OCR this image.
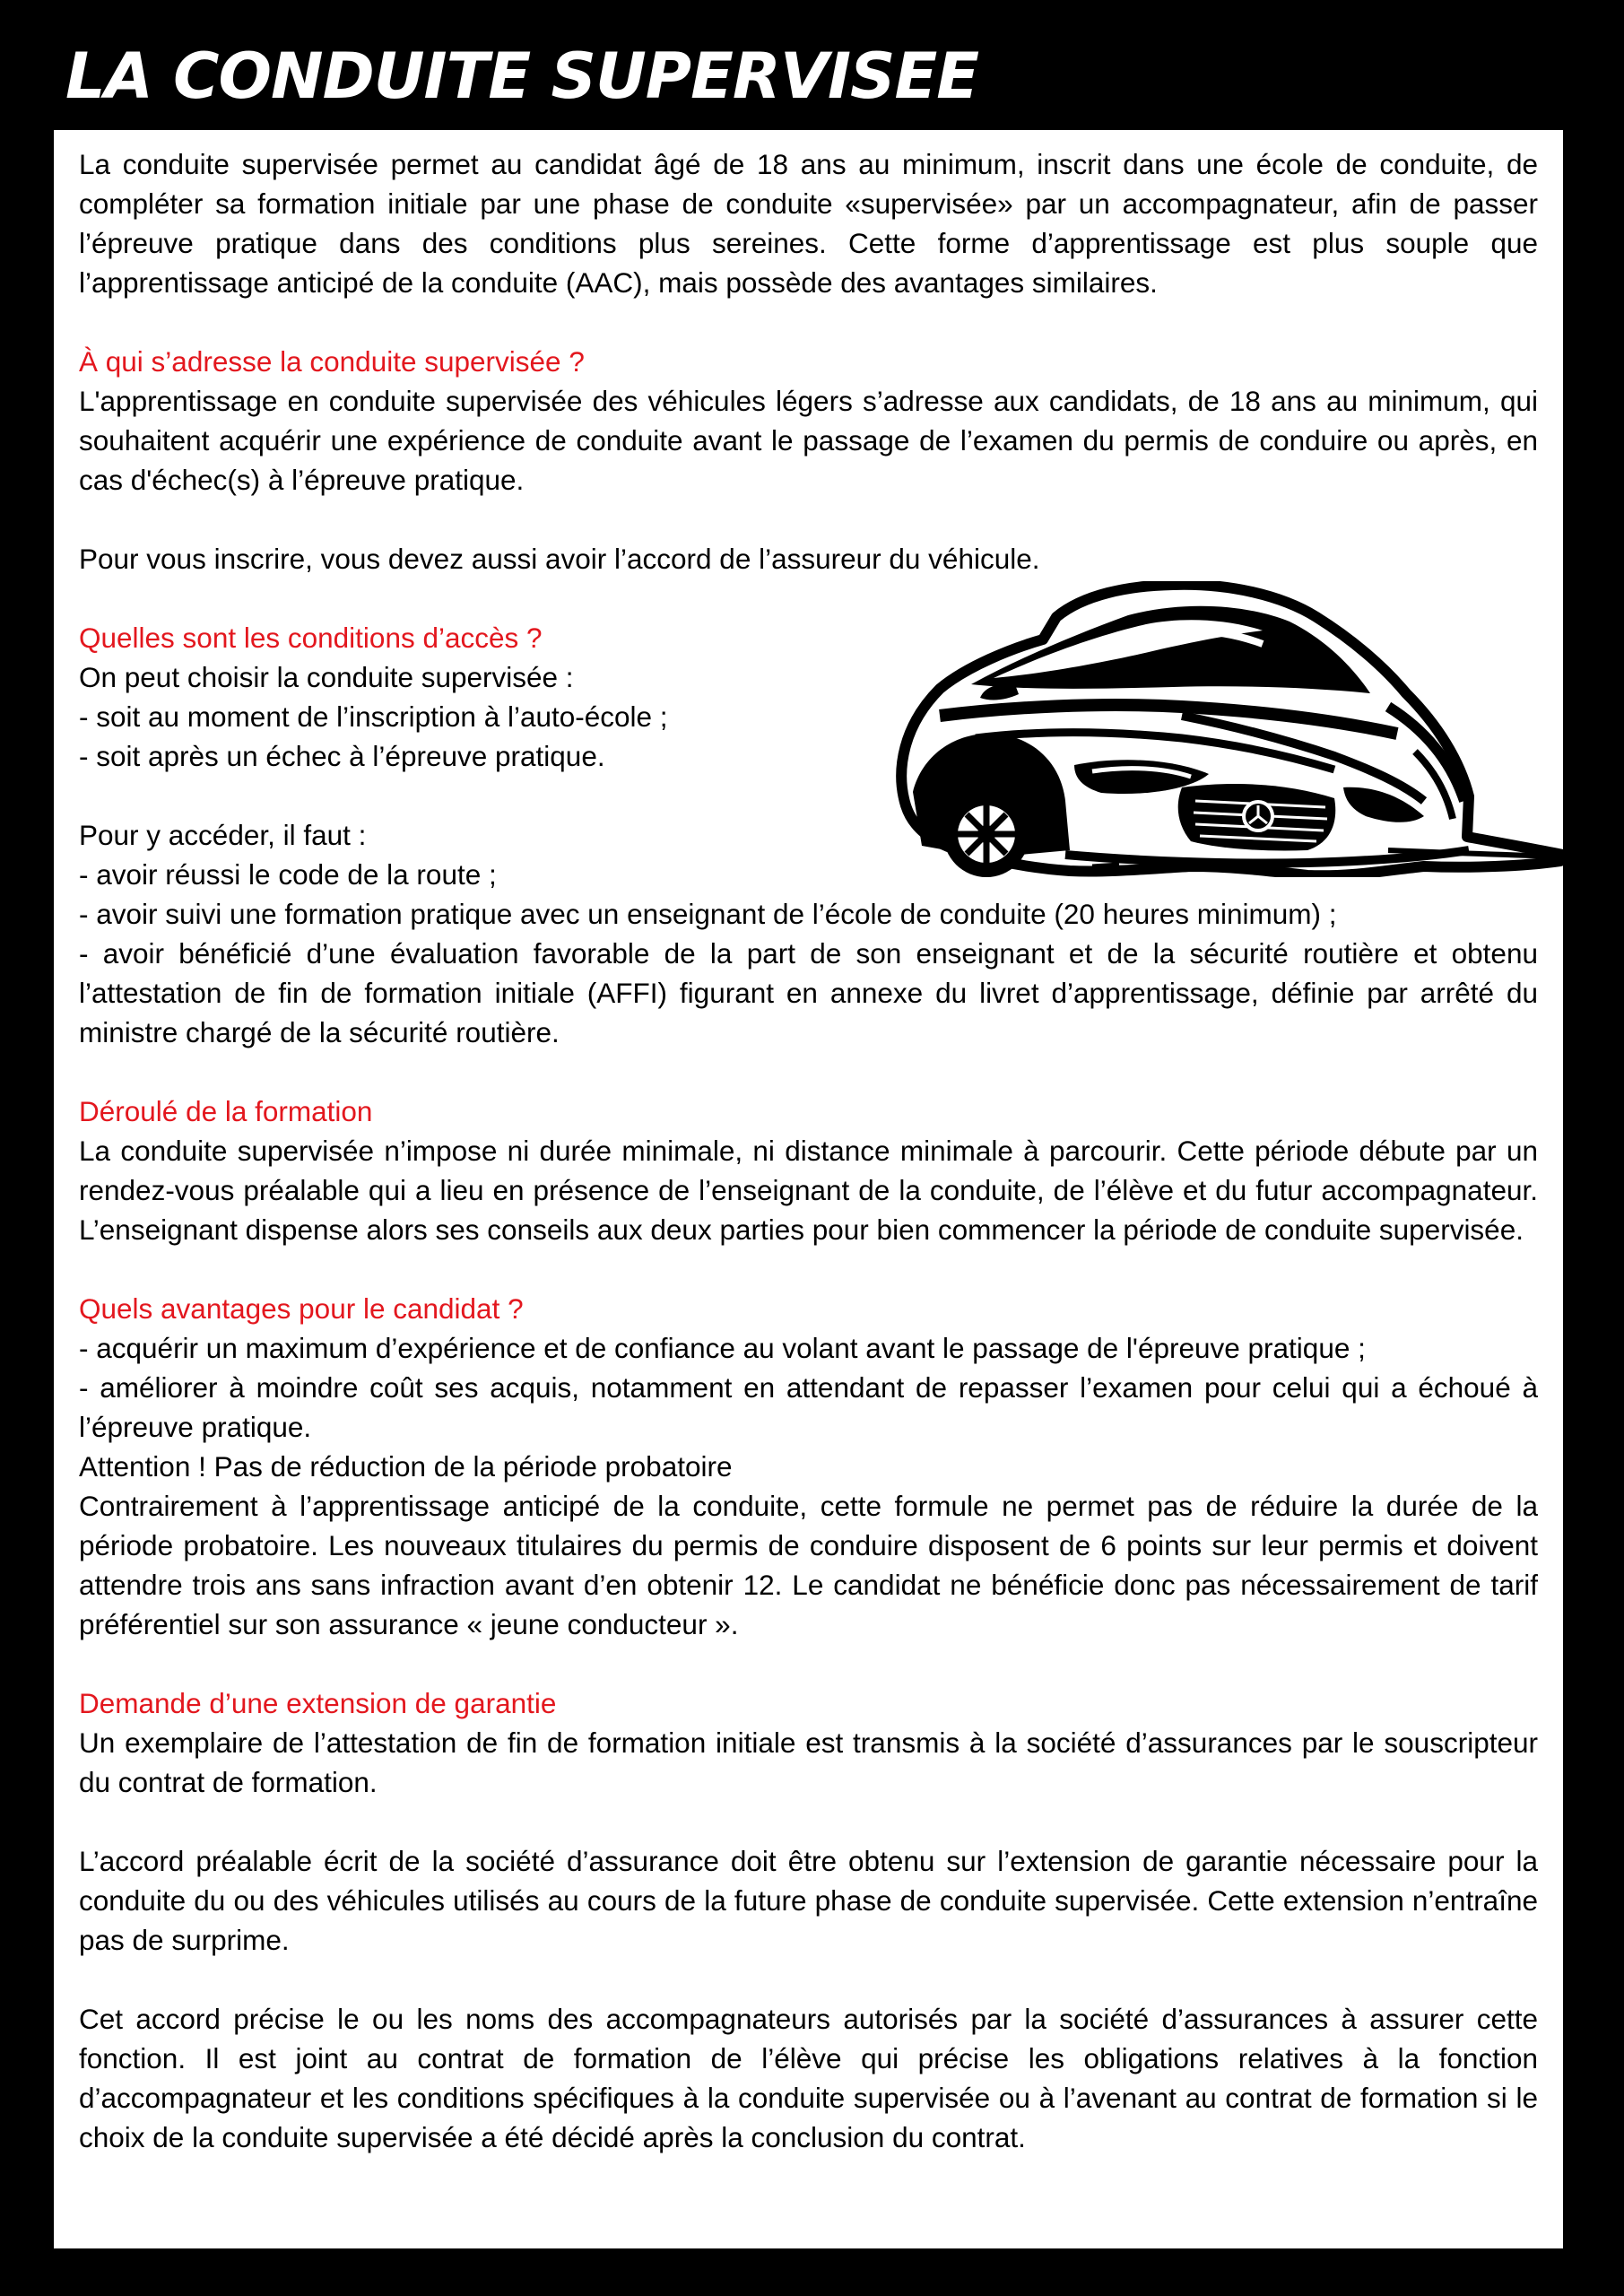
LA CONDUITE SUPERVISEE

La conduite supervisée permet au candidat âgé de 18 ans au minimum, inscrit dans une école de conduite, de compléter sa formation initiale par une phase de conduite «supervisée» par un accompagnateur, afin de passer l’épreuve pratique dans des conditions plus sereines. Cette forme d’apprentissage est plus souple que l’apprentissage anticipé de la conduite (AAC), mais possède des avantages similaires.

À qui s’adresse la conduite supervisée ?

L'apprentissage en conduite supervisée des véhicules légers s’adresse aux candidats, de 18 ans au minimum, qui souhaitent acquérir une expérience de conduite avant le passage de l’examen du permis de conduire ou après, en cas d'échec(s) à l’épreuve pratique.

Pour vous inscrire, vous devez aussi avoir l’accord de l’assureur du véhicule.

Quelles sont les conditions d’accès ?

On peut choisir la conduite supervisée :

- soit au moment de l’inscription à l’auto-école ;

- soit après un échec à l’épreuve pratique.

Pour y accéder, il faut :

- avoir réussi le code de la route ;

- avoir suivi une formation pratique avec un enseignant de l’école de conduite (20 heures minimum) ;

- avoir bénéficié d’une évaluation favorable de la part de son enseignant et de la sécurité routière et obtenu l’attestation de fin de formation initiale (AFFI) figurant en annexe du livret d’apprentissage, définie par arrêté du ministre chargé de la sécurité routière.

Déroulé de la formation

La conduite supervisée n’impose ni durée minimale, ni distance minimale à parcourir. Cette période débute par un rendez-vous préalable qui a lieu en présence de l’enseignant de la conduite, de l’élève et du futur accompagnateur. L’enseignant dispense alors ses conseils aux deux parties pour bien commencer la période de conduite supervisée.

Quels avantages pour le candidat ?

- acquérir un maximum d’expérience et de confiance au volant avant le passage de l'épreuve pratique ;

- améliorer à moindre coût ses acquis, notamment en attendant de repasser l’examen pour celui qui a échoué à l’épreuve pratique.

Attention ! Pas de réduction de la période probatoire

Contrairement à l’apprentissage anticipé de la conduite, cette formule ne permet pas de réduire la durée de la période probatoire. Les nouveaux titulaires du permis de conduire disposent de 6 points sur leur permis et doivent attendre trois ans sans infraction avant d’en obtenir 12. Le candidat ne bénéficie donc pas nécessairement de tarif préférentiel sur son assurance « jeune conducteur ».

Demande d’une extension de garantie

Un exemplaire de l’attestation de fin de formation initiale est transmis à la société d’assurances par le souscripteur du contrat de formation.

L’accord préalable écrit de la société d’assurance doit être obtenu sur l’extension de garantie nécessaire pour la conduite du ou des véhicules utilisés au cours de la future phase de conduite supervisée. Cette extension n’entraîne pas de surprime.

Cet accord précise le ou les noms des accompagnateurs autorisés par la société d’assurances à assurer cette fonction. Il est joint au contrat de formation de l’élève qui précise les obligations relatives à la fonction d’accompagnateur et les conditions spécifiques à la conduite supervisée ou à l’avenant au contrat de formation si le choix de la conduite supervisée a été décidé après la conclusion du contrat.
